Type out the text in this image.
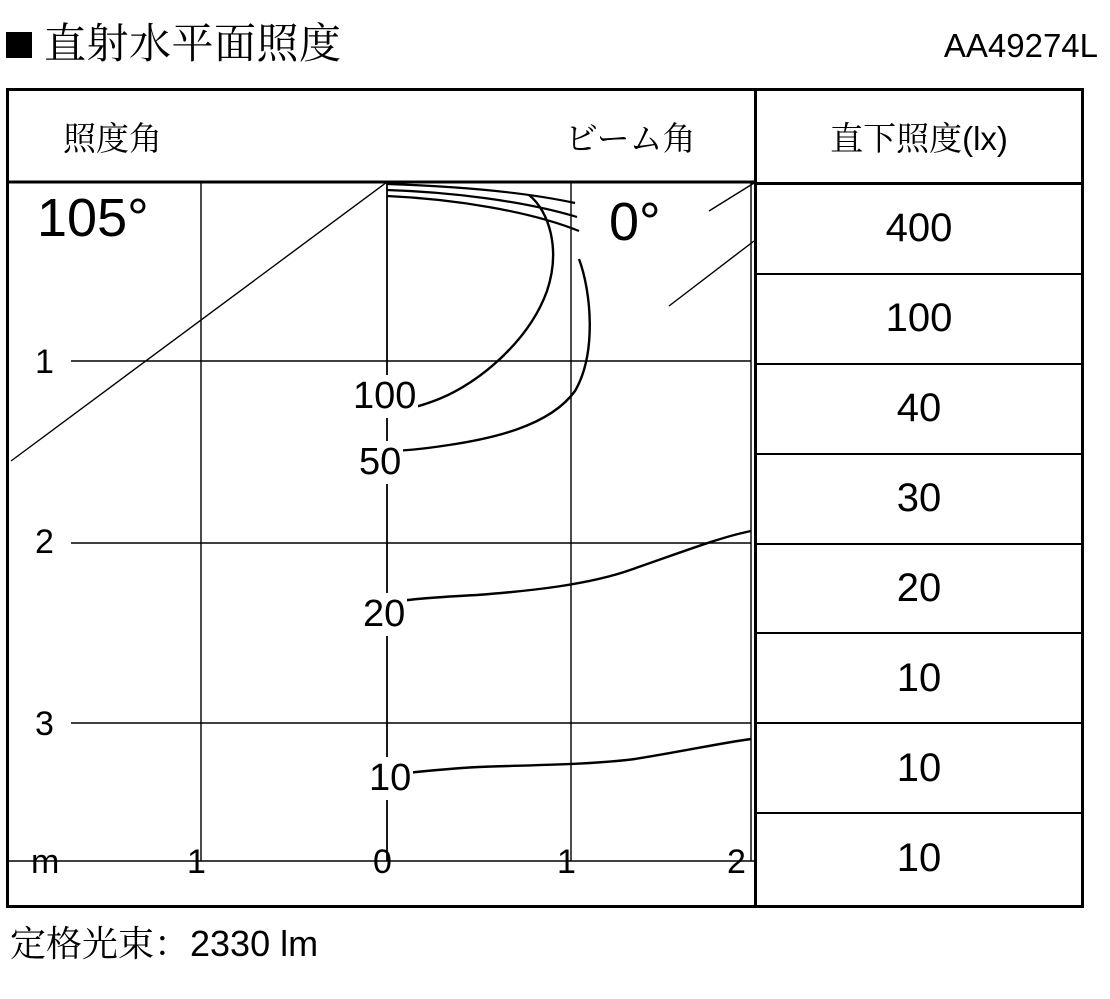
直射水平面照度	AA49274L
照度角	ビーム角
105°	0°
100
50
20
10
1
2
3
m	1	0	1	2
直下照度(lx)
400
100
40
30
20
10
10
10
定格光束：2330 lm
